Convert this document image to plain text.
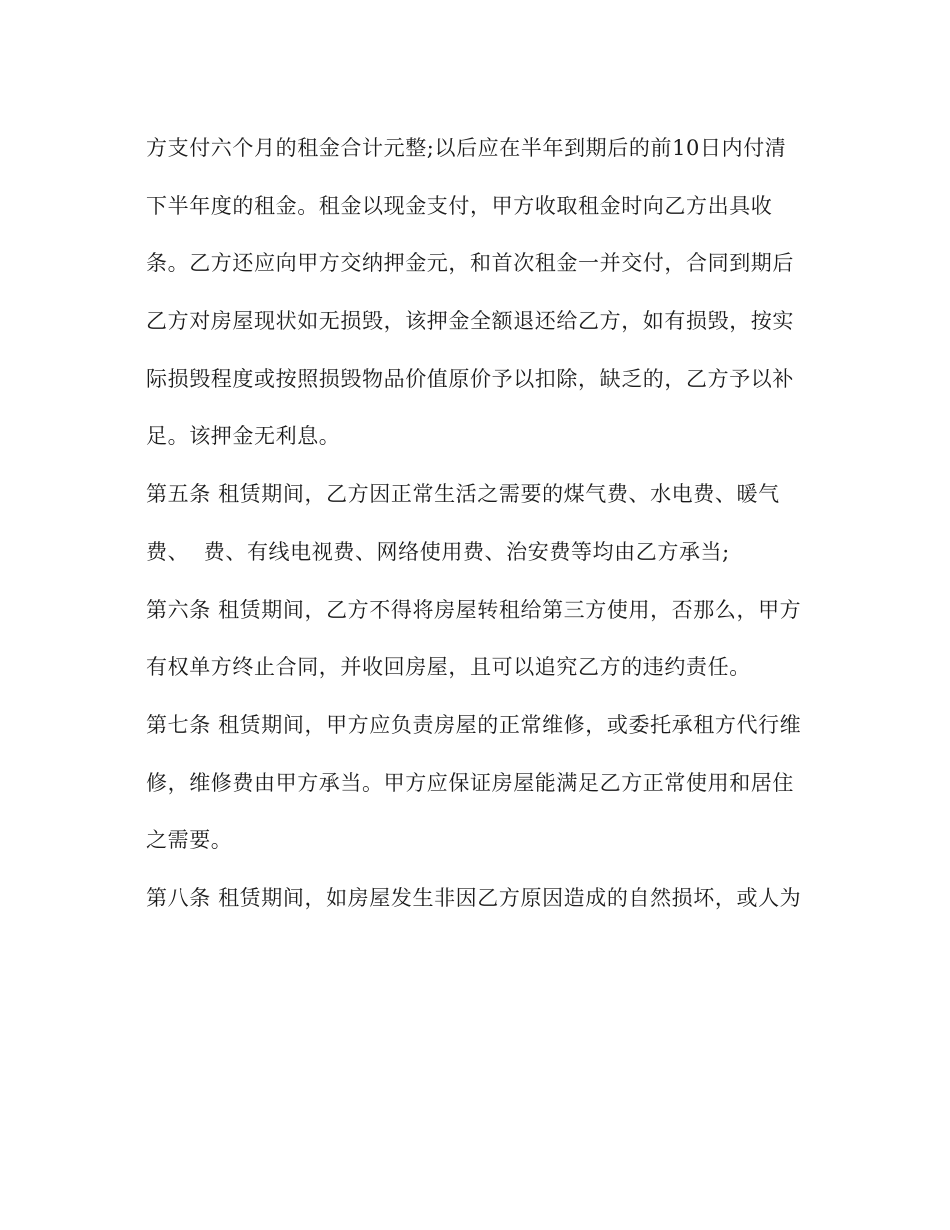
方支付六个月的租金合计元整;以后应在半年到期后的前10日内付清
下半年度的租金。租金以现金支付，甲方收取租金时向乙方出具收
条。乙方还应向甲方交纳押金元，和首次租金一并交付，合同到期后
乙方对房屋现状如无损毁，该押金全额退还给乙方，如有损毁，按实
际损毁程度或按照损毁物品价值原价予以扣除，缺乏的，乙方予以补
足。该押金无利息。
第五条 租赁期间，乙方因正常生活之需要的煤气费、水电费、暖气
费、  费、有线电视费、网络使用费、治安费等均由乙方承当;
第六条 租赁期间，乙方不得将房屋转租给第三方使用，否那么，甲方
有权单方终止合同，并收回房屋，且可以追究乙方的违约责任。
第七条 租赁期间，甲方应负责房屋的正常维修，或委托承租方代行维
修，维修费由甲方承当。甲方应保证房屋能满足乙方正常使用和居住
之需要。
第八条 租赁期间，如房屋发生非因乙方原因造成的自然损坏，或人为
